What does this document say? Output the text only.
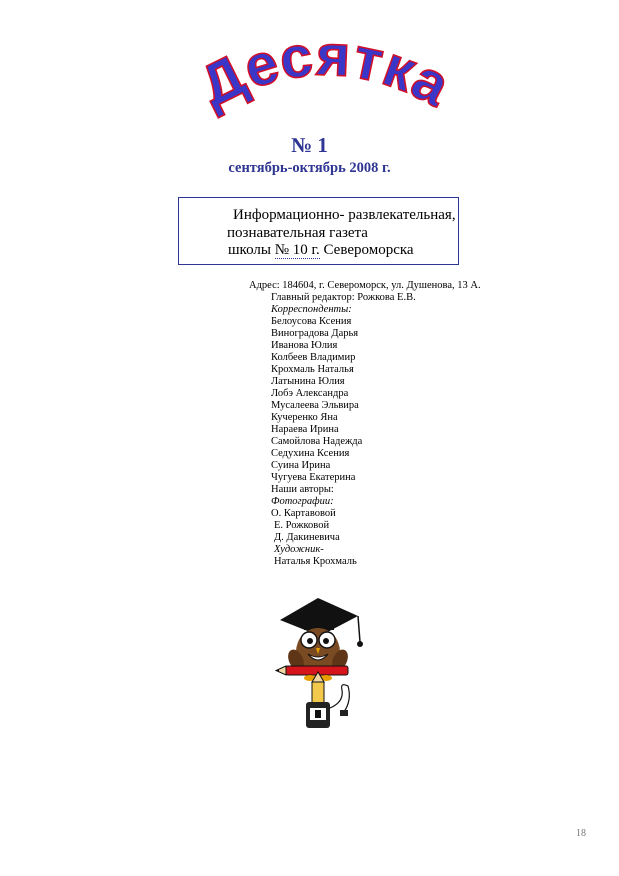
Десятка
№ 1
сентябрь-октябрь 2008 г.
Информационно- развлекательная,
познавательная газета
школы № 10 г. Североморска
Адрес: 184604, г. Североморск, ул. Душенова, 13 А.
Главный редактор: Рожкова Е.В.
Корреспонденты:
Белоусова Ксения
Виноградова Дарья
Иванова Юлия
Колбеев Владимир
Крохмаль Наталья
Латынина Юлия
Лобэ Александра
Мусалеева Эльвира
Кучеренко Яна
Нараева Ирина
Самойлова Надежда
Седухина Ксения
Суина Ирина
Чугуева Екатерина
Наши авторы:
Фотографии:
О. Картавовой
Е. Рожковой
Д. Дакиневича
Художник-
Наталья Крохмаль
18
